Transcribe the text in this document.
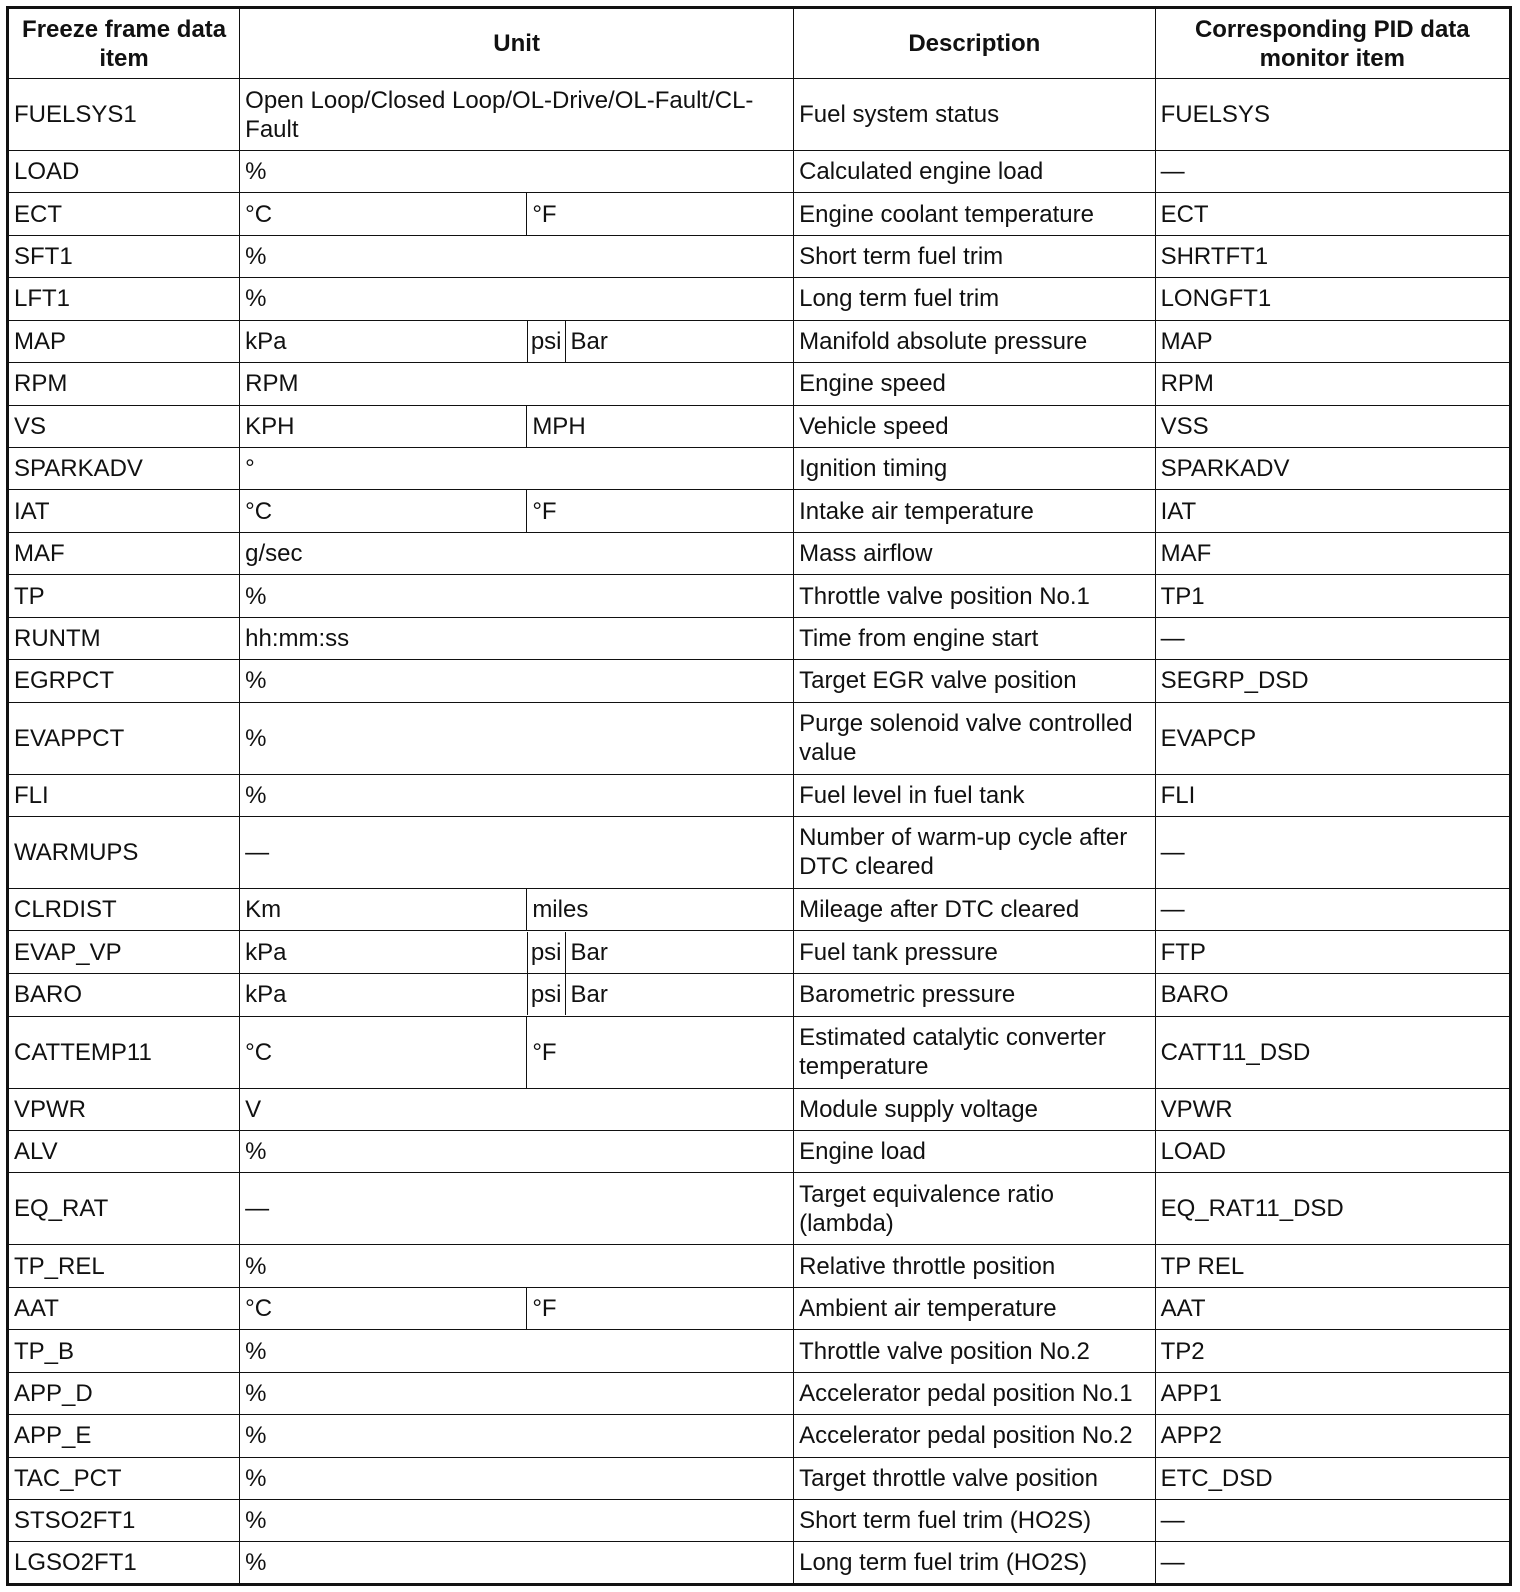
Freeze frame data item	Unit		Description	Corresponding PID data monitor item
FUELSYS1	Open Loop/Closed Loop/OL-Drive/OL-Fault/CL-Fault		Fuel system status	FUELSYS
LOAD	%		Calculated engine load	—
ECT	°C	°F	Engine coolant temperature	ECT
SFT1	%		Short term fuel trim	SHRTFT1
LFT1	%		Long term fuel trim	LONGFT1
MAP	kPa	psi Bar	Manifold absolute pressure	MAP
RPM	RPM		Engine speed	RPM
VS	KPH	MPH	Vehicle speed	VSS
SPARKADV	°		Ignition timing	SPARKADV
IAT	°C	°F	Intake air temperature	IAT
MAF	g/sec		Mass airflow	MAF
TP	%		Throttle valve position No.1	TP1
RUNTM	hh:mm:ss		Time from engine start	—
EGRPCT	%		Target EGR valve position	SEGRP_DSD
EVAPPCT	%		Purge solenoid valve controlled value	EVAPCP
FLI	%		Fuel level in fuel tank	FLI
WARMUPS	—		Number of warm-up cycle after DTC cleared	—
CLRDIST	Km	miles	Mileage after DTC cleared	—
EVAP_VP	kPa	psi Bar	Fuel tank pressure	FTP
BARO	kPa	psi Bar	Barometric pressure	BARO
CATTEMP11	°C	°F	Estimated catalytic converter temperature	CATT11_DSD
VPWR	V		Module supply voltage	VPWR
ALV	%		Engine load	LOAD
EQ_RAT	—		Target equivalence ratio (lambda)	EQ_RAT11_DSD
TP_REL	%		Relative throttle position	TP REL
AAT	°C	°F	Ambient air temperature	AAT
TP_B	%		Throttle valve position No.2	TP2
APP_D	%		Accelerator pedal position No.1	APP1
APP_E	%		Accelerator pedal position No.2	APP2
TAC_PCT	%		Target throttle valve position	ETC_DSD
STSO2FT1	%		Short term fuel trim (HO2S)	—
LGSO2FT1	%		Long term fuel trim (HO2S)	—
